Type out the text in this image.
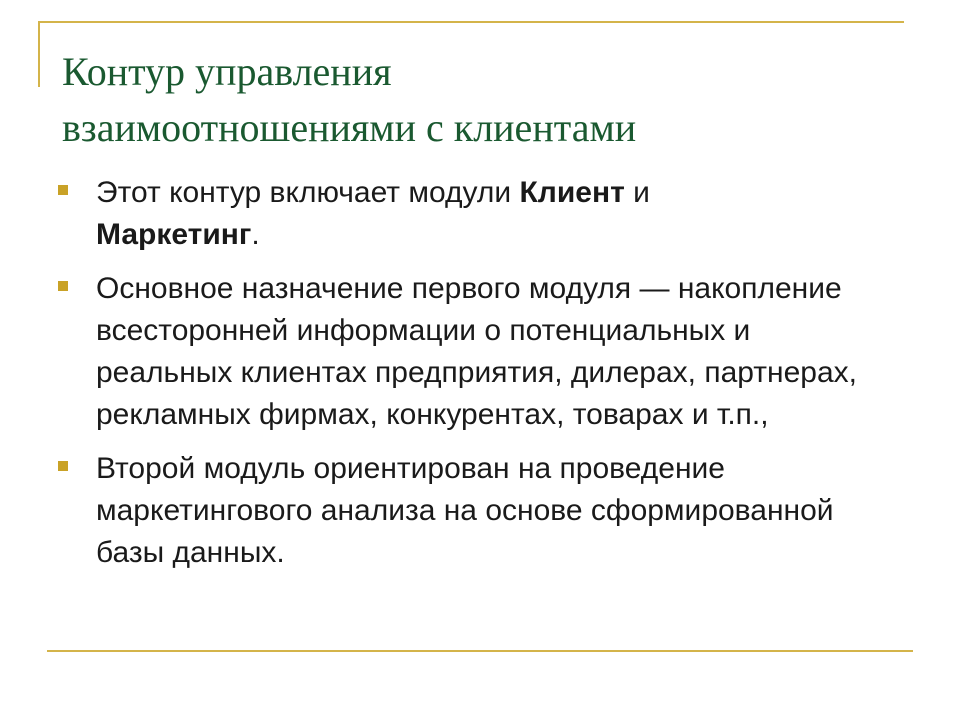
Контур управления
взаимоотношениями с клиентами
Этот контур включает модули Клиент и
Маркетинг.
Основное назначение первого модуля — накопление всесторонней информации о потенциальных и реальных клиентах предприятия, дилерах, партнерах, рекламных фирмах, конкурентах, товарах и т.п.,
Второй модуль ориентирован на проведение маркетингового анализа на основе сформированной базы данных.
